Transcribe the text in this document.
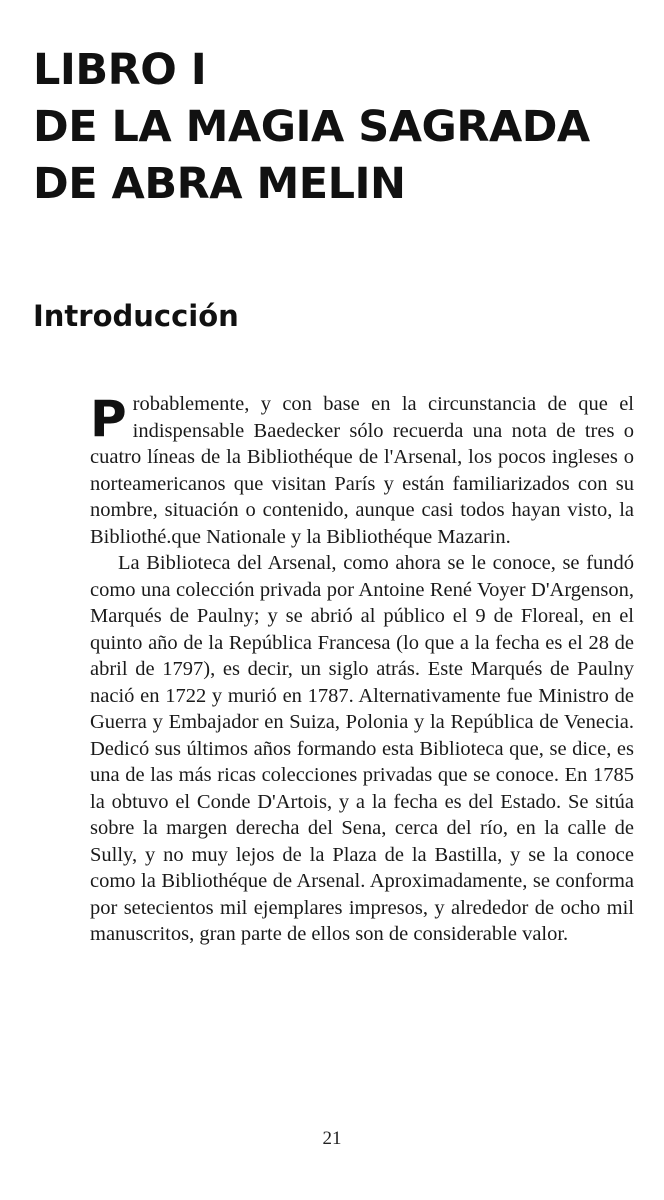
LIBRO I
DE LA MAGIA SAGRADA
DE ABRA MELIN
Introducción

Probablemente, y con base en la circunstancia de que el indispensable Baedecker sólo recuerda una nota de tres o cuatro líneas de la Bibliothéque de l'Arsenal, los pocos ingleses o norteamericanos que visitan París y están familiarizados con su nombre, situación o contenido, aunque casi todos hayan visto, la Bibliothé.que Nationale y la Bibliothéque Mazarin.

La Biblioteca del Arsenal, como ahora se le conoce, se fundó como una colección privada por Antoine René Voyer D'Argenson, Marqués de Paulny; y se abrió al público el 9 de Floreal, en el quinto año de la República Francesa (lo que a la fecha es el 28 de abril de 1797), es decir, un siglo atrás. Este Marqués de Paulny nació en 1722 y murió en 1787. Alternativamente fue Ministro de Guerra y Embajador en Suiza, Polonia y la República de Venecia. Dedicó sus últimos años formando esta Biblioteca que, se dice, es una de las más ricas colecciones privadas que se conoce. En 1785 la obtuvo el Conde D'Artois, y a la fecha es del Estado. Se sitúa sobre la margen derecha del Sena, cerca del río, en la calle de Sully, y no muy lejos de la Plaza de la Bastilla, y se la conoce como la Bibliothéque de Arsenal. Aproximadamente, se conforma por setecientos mil ejemplares impresos, y alrededor de ocho mil manuscritos, gran parte de ellos son de considerable valor.

21
